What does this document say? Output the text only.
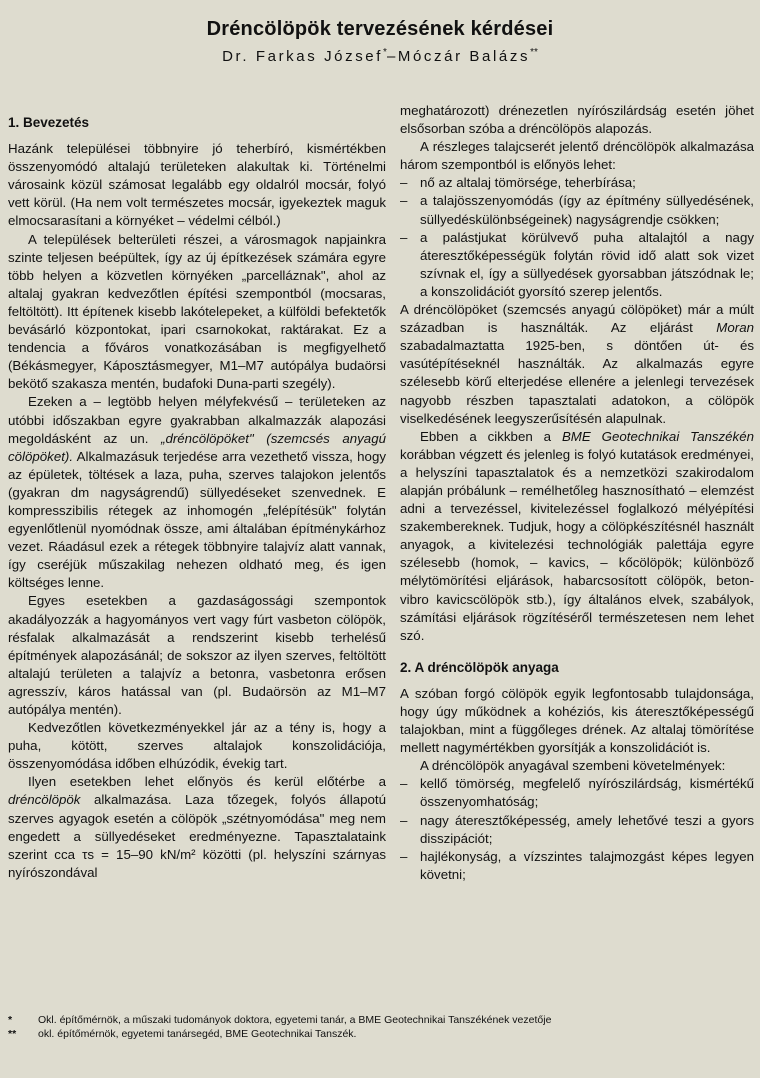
Dréncölöpök tervezésének kérdései
Dr. Farkas József*–Móczár Balázs**
1. Bevezetés

Hazánk települései többnyire jó teherbíró, kismértékben összenyomódó altalajú területeken alakultak ki. Történelmi városaink közül számosat legalább egy oldalról mocsár, folyó vett körül. (Ha nem volt természetes mocsár, igyekeztek maguk elmocsarasítani a környéket – védelmi célból.)

A települések belterületi részei, a városmagok napjainkra szinte teljesen beépültek, így az új építkezések számára egyre több helyen a közvetlen környéken „parcelláznak", ahol az altalaj gyakran kedvezőtlen építési szempontból (mocsaras, feltöltött). Itt építenek kisebb lakótelepeket, a külföldi befektetők bevásárló központokat, ipari csarnokokat, raktárakat. Ez a tendencia a főváros vonatkozásában is megfigyelhető (Békásmegyer, Káposztásmegyer, M1–M7 autópálya budaörsi bekötő szakasza mentén, budafoki Duna-parti szegély).

Ezeken a – legtöbb helyen mélyfekvésű – területeken az utóbbi időszakban egyre gyakrabban alkalmazzák alapozási megoldásként az un. „dréncölöpöket" (szemcsés anyagú cölöpöket). Alkalmazásuk terjedése arra vezethető vissza, hogy az épületek, töltések a laza, puha, szerves talajokon jelentős (gyakran dm nagyságrendű) süllyedéseket szenvednek. E kompresszibilis rétegek az inhomogén „felépítésük" folytán egyenlőtlenül nyomódnak össze, ami általában építménykárhoz vezet. Ráadásul ezek a rétegek többnyire talajvíz alatt vannak, így cseréjük műszakilag nehezen oldható meg, és igen költséges lenne.

Egyes esetekben a gazdaságossági szempontok akadályozzák a hagyományos vert vagy fúrt vasbeton cölöpök, résfalak alkalmazását a rendszerint kisebb terhelésű építmények alapozásánál; de sokszor az ilyen szerves, feltöltött altalajú területen a talajvíz a betonra, vasbetonra erősen agresszív, káros hatással van (pl. Budaörsön az M1–M7 autópálya mentén).

Kedvezőtlen következményekkel jár az a tény is, hogy a puha, kötött, szerves altalajok konszolidációja, összenyomódása időben elhúzódik, évekig tart.

Ilyen esetekben lehet előnyös és kerül előtérbe a dréncölöpök alkalmazása. Laza tőzegek, folyós állapotú szerves agyagok esetén a cölöpök „szétnyomódása" meg nem engedett a süllyedéseket eredményezne. Tapasztalataink szerint cca τs = 15–90 kN/m² közötti (pl. helyszíni szárnyas nyírószondával

meghatározott) drénezetlen nyírószilárdság esetén jöhet elsősorban szóba a dréncölöpös alapozás.

A részleges talajcserét jelentő dréncölöpök alkalmazása három szempontból is előnyös lehet:

– nő az altalaj tömörsége, teherbírása;
– a talajösszenyomódás (így az építmény süllyedésének, süllyedéskülönbségeinek) nagyságrendje csökken;
– a palástjukat körülvevő puha altalajtól a nagy áteresztőképességük folytán rövid idő alatt sok vizet szívnak el, így a süllyedések gyorsabban játszódnak le; a konszolidációt gyorsító szerep jelentős.

A dréncölöpöket (szemcsés anyagú cölöpöket) már a múlt században is használták. Az eljárást Moran szabadalmaztatta 1925-ben, s döntően út- és vasútépítéseknél használták. Az alkalmazás egyre szélesebb körű elterjedése ellenére a jelenlegi tervezések nagyobb részben tapasztalati adatokon, a cölöpök viselkedésének leegyszerűsítésén alapulnak.

Ebben a cikkben a BME Geotechnikai Tanszékén korábban végzett és jelenleg is folyó kutatások eredményei, a helyszíni tapasztalatok és a nemzetközi szakirodalom alapján próbálunk – remélhetőleg hasznosítható – elemzést adni a tervezéssel, kivitelezéssel foglalkozó mélyépítési szakembereknek. Tudjuk, hogy a cölöpkészítésnél használt anyagok, a kivitelezési technológiák palettája egyre szélesebb (homok, – kavics, – kőcölöpök; különböző mélytömörítési eljárások, habarcsosított cölöpök, beton-vibro kavicscölöpök stb.), így általános elvek, szabályok, számítási eljárások rögzítéséről természetesen nem lehet szó.

2. A dréncölöpök anyaga

A szóban forgó cölöpök egyik legfontosabb tulajdonsága, hogy úgy működnek a kohéziós, kis áteresztőképességű talajokban, mint a függőleges drének. Az altalaj tömörítése mellett nagymértékben gyorsítják a konszolidációt is.

A dréncölöpök anyagával szembeni követelmények:

– kellő tömörség, megfelelő nyírószilárdság, kismértékű összenyomhatóság;
– nagy áteresztőképesség, amely lehetővé teszi a gyors disszipációt;
– hajlékonyság, a vízszintes talajmozgást képes legyen követni;
*	Okl. építőmérnök, a műszaki tudományok doktora, egyetemi tanár, a BME Geotechnikai Tanszékének vezetője
**	okl. építőmérnök, egyetemi tanársegéd, BME Geotechnikai Tanszék.
